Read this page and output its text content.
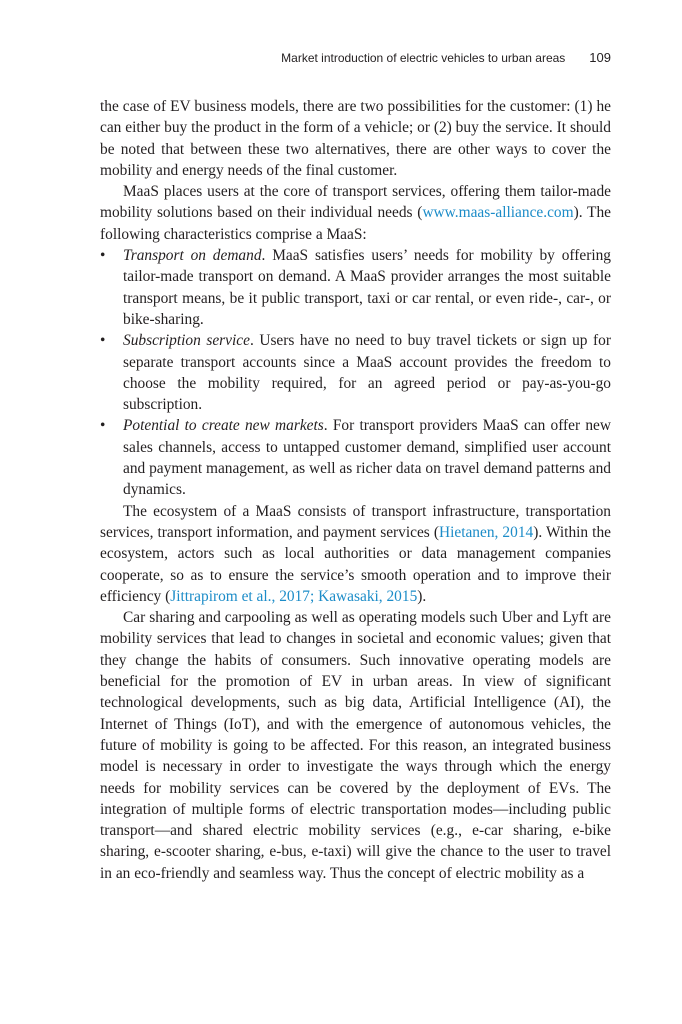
Market introduction of electric vehicles to urban areas 109

the case of EV business models, there are two possibilities for the customer: (1) he can either buy the product in the form of a vehicle; or (2) buy the service. It should be noted that between these two alternatives, there are other ways to cover the mobility and energy needs of the final customer.

MaaS places users at the core of transport services, offering them tailor-made mobility solutions based on their individual needs (www.maas-alliance.com). The following characteristics comprise a MaaS:

• Transport on demand. MaaS satisfies users’ needs for mobility by offering tailor-made transport on demand. A MaaS provider arranges the most suitable transport means, be it public transport, taxi or car rental, or even ride-, car-, or bike-sharing.
• Subscription service. Users have no need to buy travel tickets or sign up for separate transport accounts since a MaaS account provides the freedom to choose the mobility required, for an agreed period or pay-as-you-go subscription.
• Potential to create new markets. For transport providers MaaS can offer new sales channels, access to untapped customer demand, simplified user account and payment management, as well as richer data on travel demand patterns and dynamics.

The ecosystem of a MaaS consists of transport infrastructure, transportation services, transport information, and payment services (Hietanen, 2014). Within the ecosystem, actors such as local authorities or data management companies cooperate, so as to ensure the service’s smooth operation and to improve their efficiency (Jittrapirom et al., 2017; Kawasaki, 2015).

Car sharing and carpooling as well as operating models such Uber and Lyft are mobility services that lead to changes in societal and economic values; given that they change the habits of consumers. Such innovative operating models are beneficial for the promotion of EV in urban areas. In view of significant technological developments, such as big data, Artificial Intelligence (AI), the Internet of Things (IoT), and with the emergence of autonomous vehicles, the future of mobility is going to be affected. For this reason, an integrated business model is necessary in order to investigate the ways through which the energy needs for mobility services can be covered by the deployment of EVs. The integration of multiple forms of electric transportation modes—including public transport—and shared electric mobility services (e.g., e-car sharing, e-bike sharing, e-scooter sharing, e-bus, e-taxi) will give the chance to the user to travel in an eco-friendly and seamless way. Thus the concept of electric mobility as a
